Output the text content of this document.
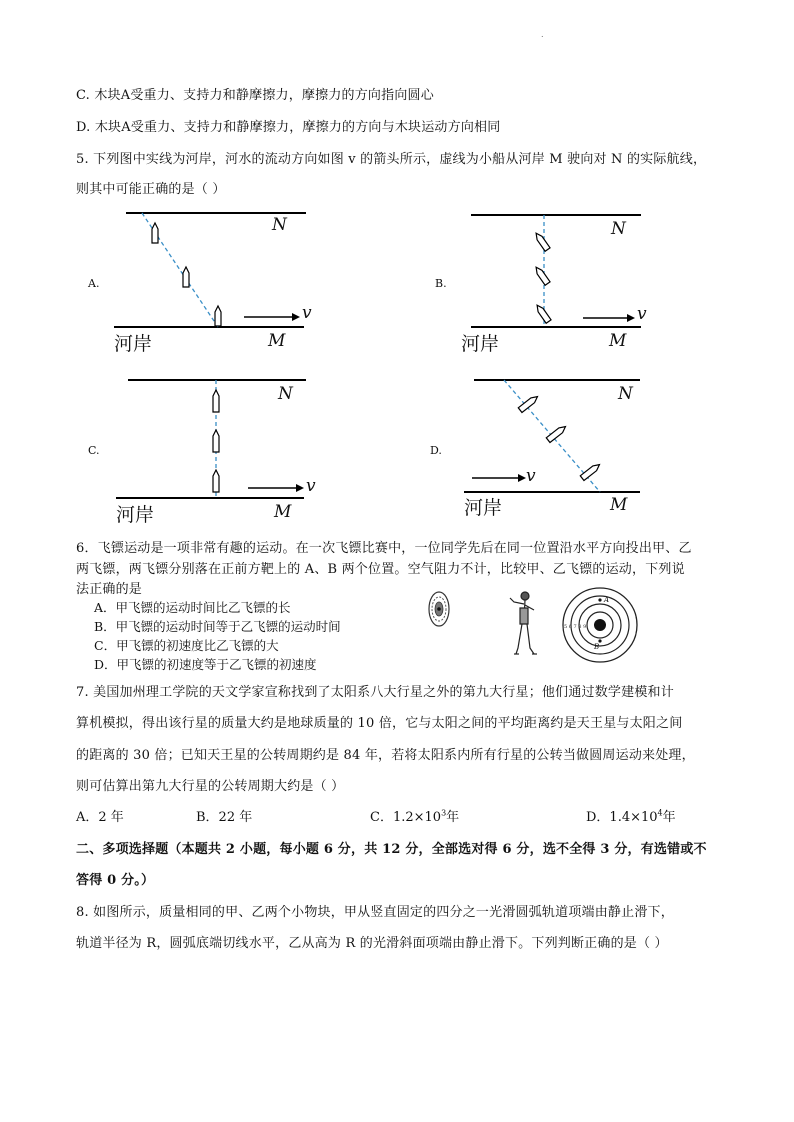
.
C. 木块A受重力、支持力和静摩擦力，摩擦力的方向指向圆心
D. 木块A受重力、支持力和静摩擦力，摩擦力的方向与木块运动方向相同
5. 下列图中实线为河岸，河水的流动方向如图 v 的箭头所示，虚线为小船从河岸 M 驶向对 N 的实际航线，
则其中可能正确的是（ ）
A.
N
v
河岸	M
B.
N
v
河岸	M
C.
N
v
河岸	M
D.
N
v
河岸	M
6．飞镖运动是一项非常有趣的运动。在一次飞镖比赛中，一位同学先后在同一位置沿水平方向投出甲、乙
两飞镖，两飞镖分别落在正前方靶上的 A、B 两个位置。空气阻力不计，比较甲、乙飞镖的运动，下列说
法正确的是
A．甲飞镖的运动时间比乙飞镖的长
B．甲飞镖的运动时间等于乙飞镖的运动时间
C．甲飞镖的初速度比乙飞镖的大
D．甲飞镖的初速度等于乙飞镖的初速度
5 6 7 8 9
A
B
7. 美国加州理工学院的天文学家宣称找到了太阳系八大行星之外的第九大行星；他们通过数学建模和计
算机模拟，得出该行星的质量大约是地球质量的 10 倍，它与太阳之间的平均距离约是天王星与太阳之间
的距离的 30 倍；已知天王星的公转周期约是 84 年，若将太阳系内所有行星的公转当做圆周运动来处理，
则可估算出第九大行星的公转周期大约是（ ）
A．2 年	B．22 年	C．$1.2\times 10^3$年	D．$1.4\times 10^4$年
二、多项选择题（本题共 2 小题，每小题 6 分，共 12 分，全部选对得 6 分，选不全得 3 分，有选错或不
答得 0 分。）
8. 如图所示，质量相同的甲、乙两个小物块，甲从竖直固定的四分之一光滑圆弧轨道项端由静止滑下，
轨道半径为 R，圆弧底端切线水平，乙从高为 R 的光滑斜面项端由静止滑下。下列判断正确的是（ ）
